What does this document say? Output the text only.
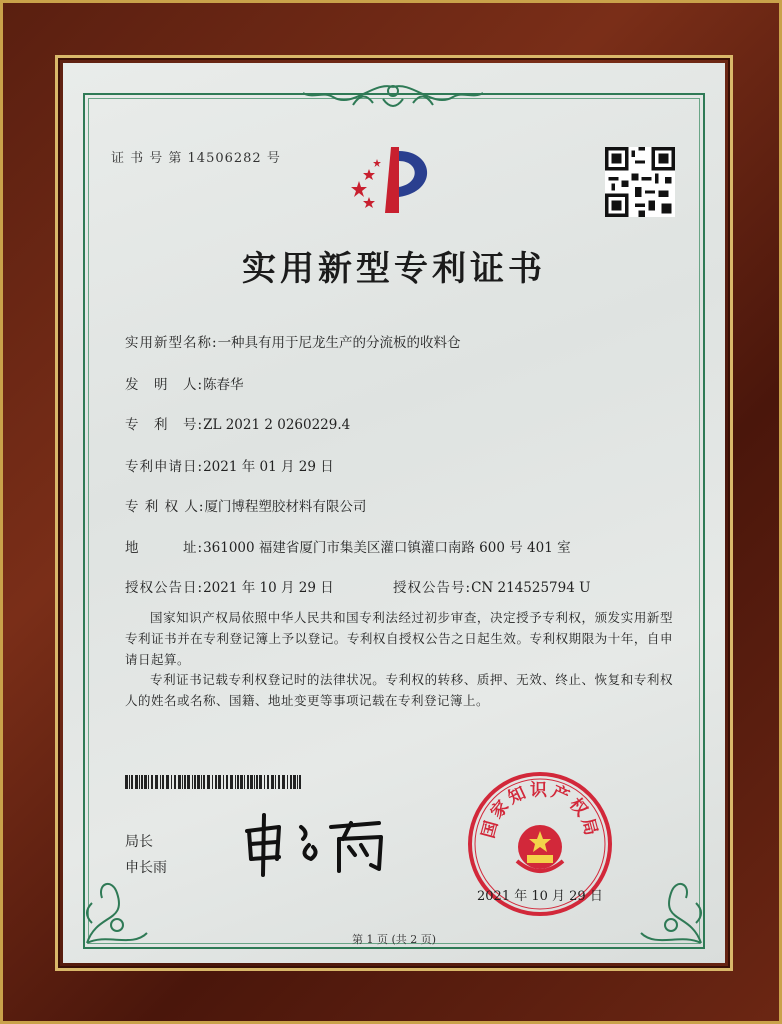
证 书 号 第 14506282 号
实用新型专利证书
实用新型名称:一种具有用于尼龙生产的分流板的收料仓
发　明　人:陈春华
专　利　号:ZL 2021 2 0260229.4
专利申请日:2021 年 01 月 29 日
专 利 权 人:厦门博程塑胶材料有限公司
地　　　址:361000 福建省厦门市集美区灌口镇灌口南路 600 号 401 室
授权公告日:2021 年 10 月 29 日	授权公告号:CN 214525794 U
国家知识产权局依照中华人民共和国专利法经过初步审查，决定授予专利权，颁发实用新型专利证书并在专利登记簿上予以登记。专利权自授权公告之日起生效。专利权期限为十年，自申请日起算。
专利证书记载专利权登记时的法律状况。专利权的转移、质押、无效、终止、恢复和专利权人的姓名或名称、国籍、地址变更等事项记载在专利登记簿上。
局长
申长雨
国家知识产权局
2021 年 10 月 29 日
第 1 页 (共 2 页)
